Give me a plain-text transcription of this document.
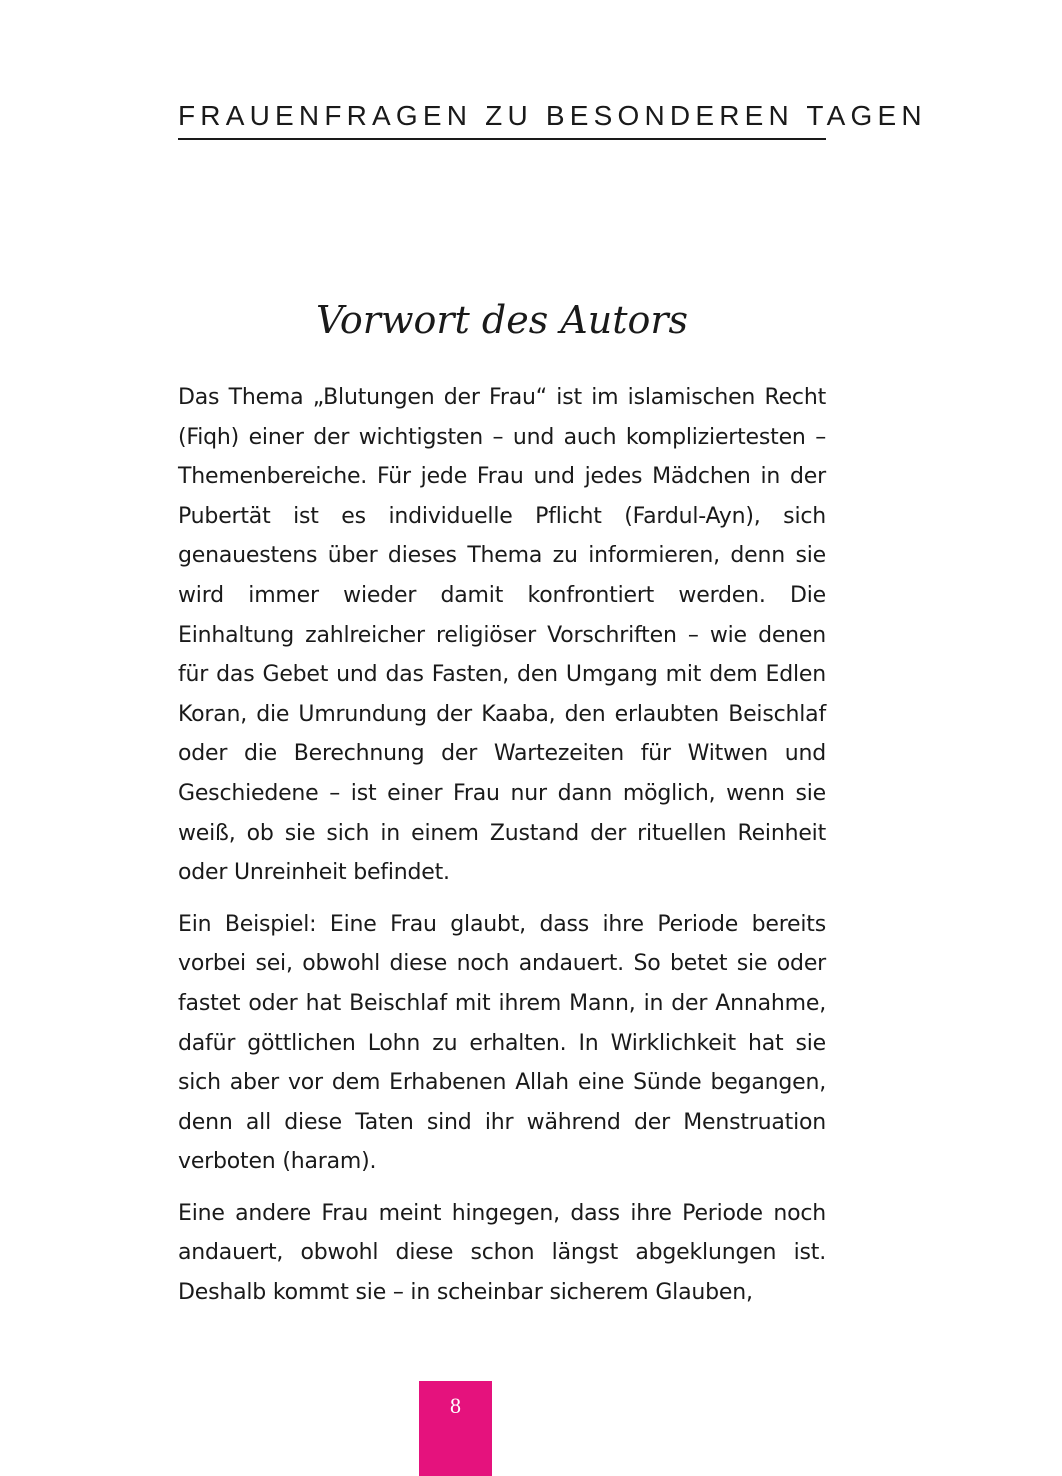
FRAUENFRAGEN ZU BESONDEREN TAGEN
Vorwort des Autors

Das Thema „Blutungen der Frau“ ist im islamischen Recht (Fiqh) einer der wichtigsten – und auch kompliziertesten – Themenbereiche. Für jede Frau und jedes Mädchen in der Pubertät ist es individuelle Pflicht (Fardul-Ayn), sich genauestens über dieses Thema zu informieren, denn sie wird immer wieder damit konfrontiert werden. Die Einhaltung zahlreicher religiöser Vorschriften – wie denen für das Gebet und das Fasten, den Umgang mit dem Edlen Koran, die Umrundung der Kaaba, den erlaubten Beischlaf oder die Berechnung der Wartezeiten für Witwen und Geschiedene – ist einer Frau nur dann möglich, wenn sie weiß, ob sie sich in einem Zustand der rituellen Reinheit oder Unreinheit befindet.

Ein Beispiel: Eine Frau glaubt, dass ihre Periode bereits vorbei sei, obwohl diese noch andauert. So betet sie oder fastet oder hat Beischlaf mit ihrem Mann, in der Annahme, dafür göttlichen Lohn zu erhalten. In Wirklichkeit hat sie sich aber vor dem Erhabenen Allah eine Sünde begangen, denn all diese Taten sind ihr während der Menstruation verboten (haram).

Eine andere Frau meint hingegen, dass ihre Periode noch andauert, obwohl diese schon längst abgeklungen ist. Deshalb kommt sie – in scheinbar sicherem Glauben,

8
